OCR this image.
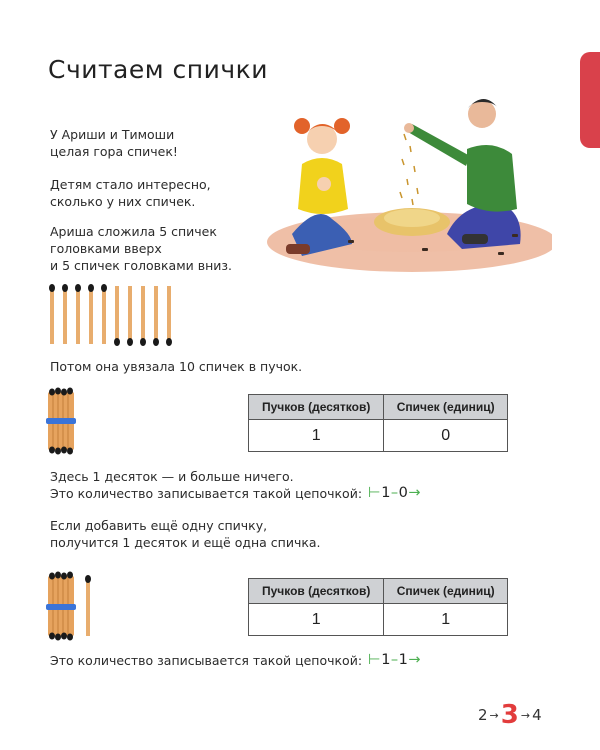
Считаем спички
У Ариши и Тимоши
целая гора спичек!
Детям стало интересно,
сколько у них спичек.
Ариша сложила 5 спичек
головками вверх
и 5 спичек головками вниз.
Потом она увязала 10 спичек в пучок.
Пучков (десятков)	Спичек (единиц)
1	0
Здесь 1 десяток — и больше ничего.
Это количество записывается такой цепочкой: ⊢1–0→
Если добавить ещё одну спичку,
получится 1 десяток и ещё одна спичка.
Пучков (десятков)	Спичек (единиц)
1	1
Это количество записывается такой цепочкой: ⊢1–1→
2 → 3 → 4
